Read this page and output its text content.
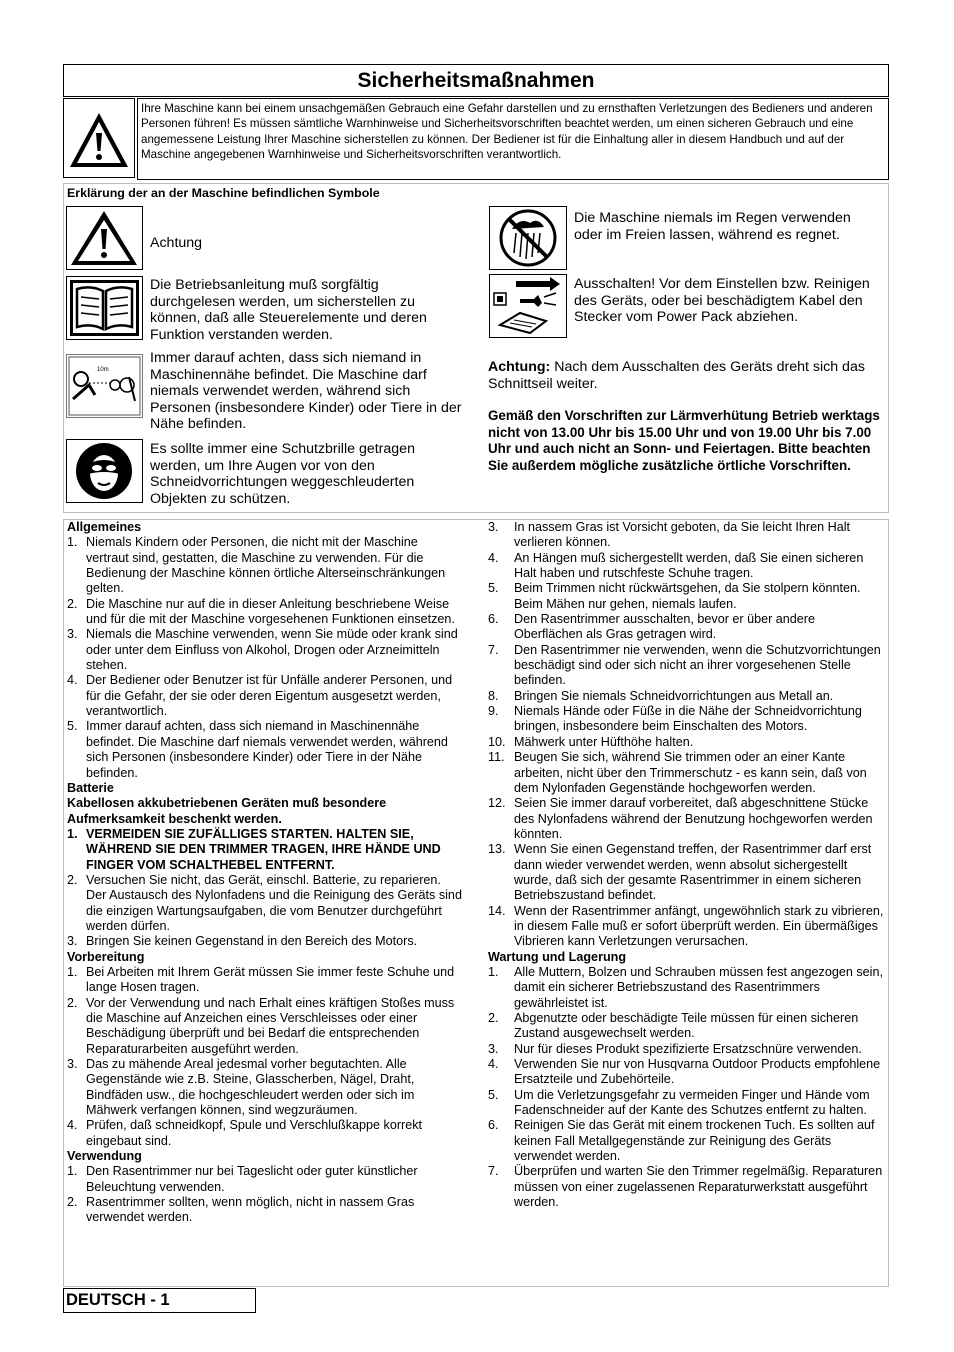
Sicherheitsmaßnahmen
Ihre Maschine kann bei einem unsachgemäßen Gebrauch eine Gefahr darstellen und zu ernsthaften Verletzungen des Bedieners und anderen Personen führen! Es müssen sämtliche Warnhinweise und Sicherheitsvorschriften beachtet werden, um einen sicheren Gebrauch und eine angemessene Leistung Ihrer Maschine sicherstellen zu können. Der Bediener ist für die Einhaltung aller in diesem Handbuch und auf der Maschine angegebenen Warnhinweise und Sicherheitsvorschriften verantwortlich.
Erklärung der an der Maschine befindlichen Symbole
Achtung
Die Betriebsanleitung muß sorgfältig durchgelesen werden, um sicherstellen zu können, daß alle Steuerelemente und deren Funktion verstanden werden.
10m
Immer darauf achten, dass sich niemand in Maschinennähe befindet. Die Maschine darf niemals verwendet werden, während sich Personen (insbesondere Kinder) oder Tiere in der Nähe befinden.
Es sollte immer eine Schutzbrille getragen werden, um Ihre Augen vor von den Schneidvorrichtungen weggeschleuderten Objekten zu schützen.
Die Maschine niemals im Regen verwenden oder im Freien lassen, während es regnet.
Ausschalten! Vor dem Einstellen bzw. Reinigen des Geräts, oder bei beschädigtem Kabel den Stecker vom Power Pack abziehen.
Achtung: Nach dem Ausschalten des Geräts dreht sich das Schnittseil weiter.
Gemäß den Vorschriften zur Lärmverhütung Betrieb werktags nicht von 13.00 Uhr bis 15.00 Uhr und von 19.00 Uhr bis 7.00 Uhr und auch nicht an Sonn- und Feiertagen. Bitte beachten Sie außerdem mögliche zusätzliche örtliche Vorschriften.
Allgemeines
1. Niemals Kindern oder Personen, die nicht mit der Maschine vertraut sind, gestatten, die Maschine zu verwenden. Für die Bedienung der Maschine können örtliche Alterseinschränkungen gelten.
2. Die Maschine nur auf die in dieser Anleitung beschriebene Weise und für die mit der Maschine vorgesehenen Funktionen einsetzen.
3. Niemals die Maschine verwenden, wenn Sie müde oder krank sind oder unter dem Einfluss von Alkohol, Drogen oder Arzneimitteln stehen.
4. Der Bediener oder Benutzer ist für Unfälle anderer Personen, und für die Gefahr, der sie oder deren Eigentum ausgesetzt werden, verantwortlich.
5. Immer darauf achten, dass sich niemand in Maschinennähe befindet. Die Maschine darf niemals verwendet werden, während sich Personen (insbesondere Kinder) oder Tiere in der Nähe befinden.
Batterie
Kabellosen akkubetriebenen Geräten muß besondere Aufmerksamkeit beschenkt werden.
1. VERMEIDEN SIE ZUFÄLLIGES STARTEN. HALTEN SIE, WÄHREND SIE DEN TRIMMER TRAGEN, IHRE HÄNDE UND FINGER VOM SCHALTHEBEL ENTFERNT.
2. Versuchen Sie nicht, das Gerät, einschl. Batterie, zu reparieren. Der Austausch des Nylonfadens und die Reinigung des Geräts sind die einzigen Wartungsaufgaben, die vom Benutzer durchgeführt werden dürfen.
3. Bringen Sie keinen Gegenstand in den Bereich des Motors.
Vorbereitung
1. Bei Arbeiten mit Ihrem Gerät müssen Sie immer feste Schuhe und lange Hosen tragen.
2. Vor der Verwendung und nach Erhalt eines kräftigen Stoßes muss die Maschine auf Anzeichen eines Verschleisses oder einer Beschädigung überprüft und bei Bedarf die entsprechenden Reparaturarbeiten ausgeführt werden.
3. Das zu mähende Areal jedesmal vorher begutachten. Alle Gegenstände wie z.B. Steine, Glasscherben, Nägel, Draht, Bindfäden usw., die hochgeschleudert werden oder sich im Mähwerk verfangen können, sind wegzuräumen.
4. Prüfen, daß schneidkopf, Spule und Verschlußkappe korrekt eingebaut sind.
Verwendung
1. Den Rasentrimmer nur bei Tageslicht oder guter künstlicher Beleuchtung verwenden.
2. Rasentrimmer sollten, wenn möglich, nicht in nassem Gras verwendet werden.
3.	In nassem Gras ist Vorsicht geboten, da Sie leicht Ihren Halt verlieren können.
4.	An Hängen muß sichergestellt werden, daß Sie einen sicheren Halt haben und rutschfeste Schuhe tragen.
5.	Beim Trimmen nicht rückwärtsgehen, da Sie stolpern könnten. Beim Mähen nur gehen, niemals laufen.
6.	Den Rasentrimmer ausschalten, bevor er über andere Oberflächen als Gras getragen wird.
7.	Den Rasentrimmer nie verwenden, wenn die Schutzvorrichtungen beschädigt sind oder sich nicht an ihrer vorgesehenen Stelle befinden.
8.	Bringen Sie niemals Schneidvorrichtungen aus Metall an.
9.	Niemals Hände oder Füße in die Nähe der Schneidvorrichtung bringen, insbesondere beim Einschalten des Motors.
10. Mähwerk unter Hüfthöhe halten.
11. Beugen Sie sich, während Sie trimmen oder an einer Kante arbeiten, nicht über den Trimmerschutz - es kann sein, daß von dem Nylonfaden Gegenstände hochgeworfen werden.
12. Seien Sie immer darauf vorbereitet, daß abgeschnittene Stücke des Nylonfadens während der Benutzung hochgeworfen werden könnten.
13. Wenn Sie einen Gegenstand treffen, der Rasentrimmer darf erst dann wieder verwendet werden, wenn absolut sichergestellt wurde, daß sich der gesamte Rasentrimmer in einem sicheren Betriebszustand befindet.
14. Wenn der Rasentrimmer anfängt, ungewöhnlich stark zu vibrieren, in diesem Falle muß er sofort überprüft werden. Ein übermäßiges Vibrieren kann Verletzungen verursachen.
Wartung und Lagerung
1.	Alle Muttern, Bolzen und Schrauben müssen fest angezogen sein, damit ein sicherer Betriebszustand des Rasentrimmers gewährleistet ist.
2.	Abgenutzte oder beschädigte Teile müssen für einen sicheren Zustand ausgewechselt werden.
3.	Nur für dieses Produkt spezifizierte Ersatzschnüre verwenden.
4.	Verwenden Sie nur von Husqvarna Outdoor Products empfohlene Ersatzteile und Zubehörteile.
5.	Um die Verletzungsgefahr zu vermeiden Finger und Hände vom Fadenschneider auf der Kante des Schutzes entfernt zu halten.
6.	Reinigen Sie das Gerät mit einem trockenen Tuch. Es sollten auf keinen Fall Metallgegenstände zur Reinigung des Geräts verwendet werden.
7.	Überprüfen und warten Sie den Trimmer regelmäßig. Reparaturen müssen von einer zugelassenen Reparaturwerkstatt ausgeführt werden.
DEUTSCH - 1
